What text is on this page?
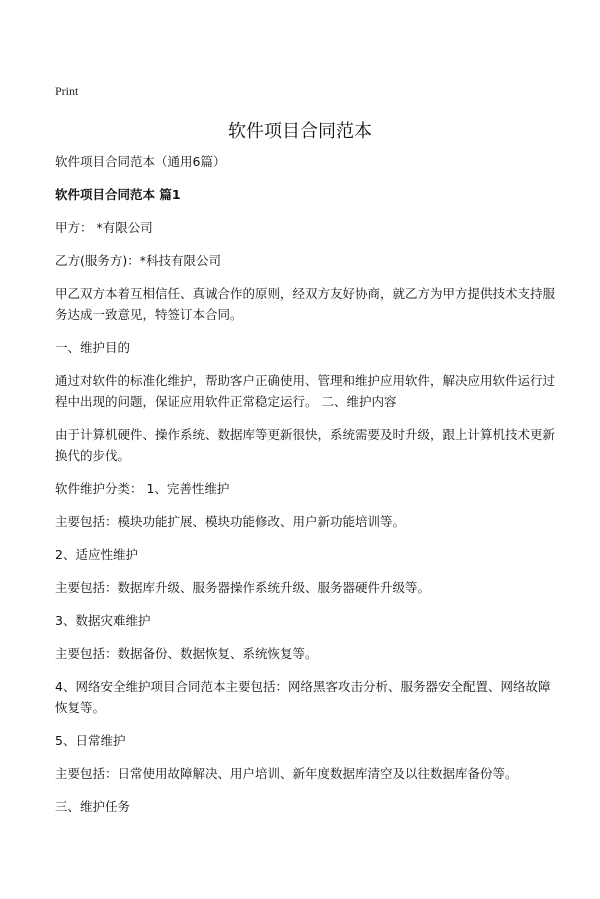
Print
软件项目合同范本

软件项目合同范本（通用6篇）

软件项目合同范本 篇1

甲方： *有限公司

乙方(服务方)：*科技有限公司

甲乙双方本着互相信任、真诚合作的原则，经双方友好协商，就乙方为甲方提供技术支持服务达成一致意见，特签订本合同。

一、维护目的

通过对软件的标准化维护，帮助客户正确使用、管理和维护应用软件，解决应用软件运行过程中出现的问题，保证应用软件正常稳定运行。 二、维护内容

由于计算机硬件、操作系统、数据库等更新很快，系统需要及时升级，跟上计算机技术更新换代的步伐。

软件维护分类： 1、完善性维护

主要包括：模块功能扩展、模块功能修改、用户新功能培训等。

2、适应性维护

主要包括：数据库升级、服务器操作系统升级、服务器硬件升级等。

3、数据灾难维护

主要包括：数据备份、数据恢复、系统恢复等。

4、网络安全维护项目合同范本主要包括：网络黑客攻击分析、服务器安全配置、网络故障恢复等。

5、日常维护

主要包括：日常使用故障解决、用户培训、新年度数据库清空及以往数据库备份等。

三、维护任务
